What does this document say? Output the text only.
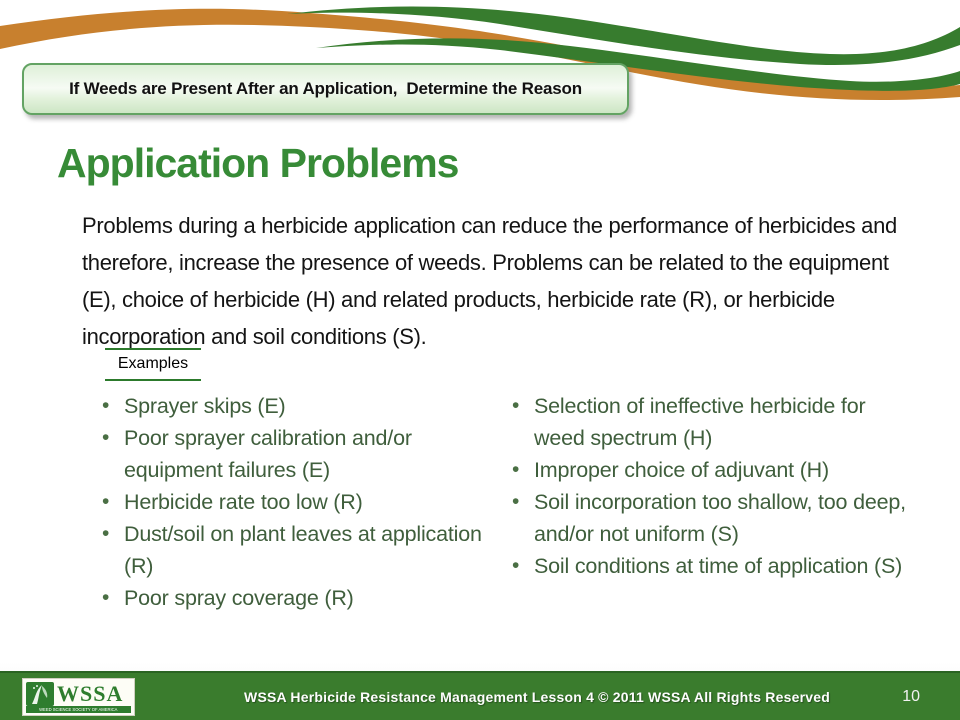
If Weeds are Present After an Application,  Determine the Reason
Application Problems

Problems during a herbicide application can reduce the performance of herbicides and therefore, increase the presence of weeds. Problems can be related to the equipment (E), choice of herbicide (H) and related products, herbicide rate (R), or herbicide incorporation and soil conditions (S).

Examples
• Sprayer skips (E)
• Poor sprayer calibration and/or equipment failures (E)
• Herbicide rate too low (R)
• Dust/soil on plant leaves at application (R)
• Poor spray coverage (R)
• Selection of ineffective herbicide for weed spectrum (H)
• Improper choice of adjuvant (H)
• Soil incorporation too shallow, too deep, and/or not uniform (S)
• Soil conditions at time of application (S)
WSSA
WEED SCIENCE SOCIETY OF AMERICA
WSSA Herbicide Resistance Management Lesson 4 © 2011 WSSA All Rights Reserved	10
